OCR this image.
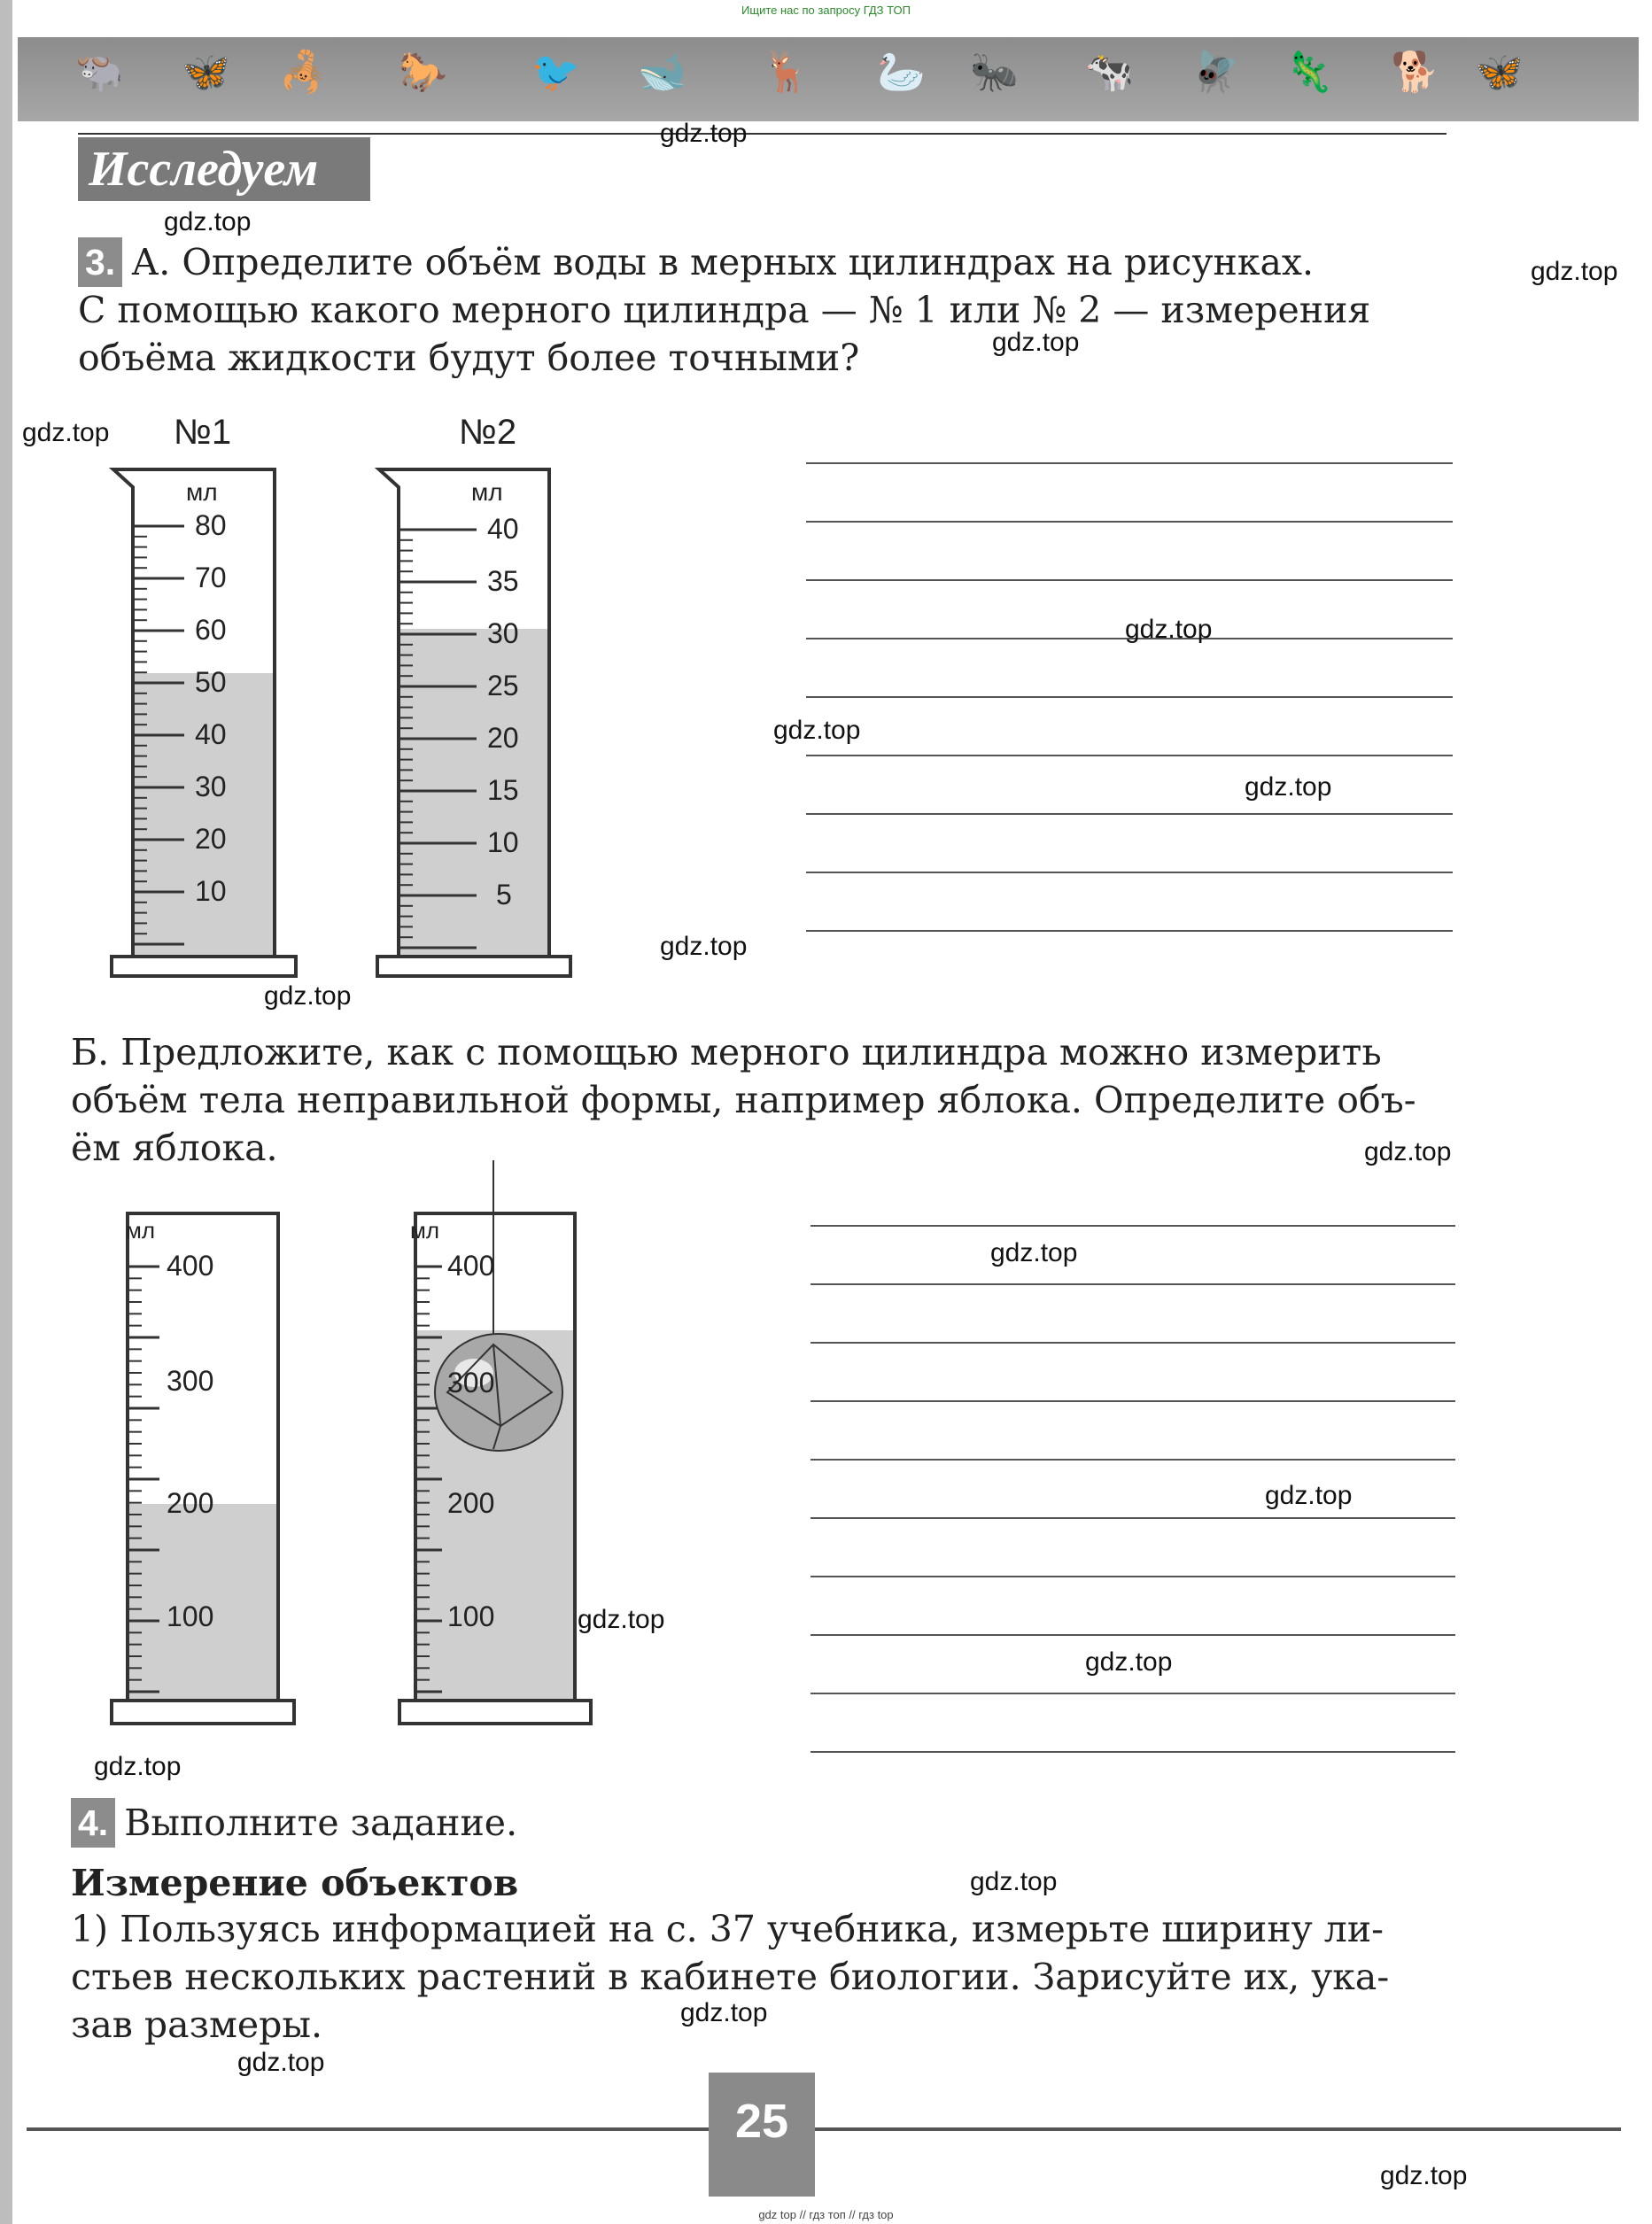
Ищите нас по запросу ГДЗ ТОП
🐃 🦋 🦂 🐎 🐦 🐋 🦌 🦢 🐜 🐄 🪰 🦎 🐕 🦋
Исследуем
3. А. Определите объём воды в мерных цилиндрах на рисунках.
С помощью какого мерного цилиндра — № 1 или № 2 — измерения
объёма жидкости будут более точными?
№1	№2
мл
80
70
60
50
40
30
20
10
мл
40
35
30
25
20
15
10
5
Б. Предложите, как с помощью мерного цилиндра можно измерить
объём тела неправильной формы, например яблока. Определите объ-
ём яблока.
мл
400
300
200
100
мл
400
300
200
100
4. Выполните задание.
Измерение объектов
1) Пользуясь информацией на с. 37 учебника, измерьте ширину ли-
стьев нескольких растений в кабинете биологии. Зарисуйте их, ука-
зав размеры.
25
gdz top // гдз топ // гдз top
gdz.top
gdz.top
gdz.top
gdz.top
gdz.top
gdz.top
gdz.top
gdz.top
gdz.top
gdz.top
gdz.top
gdz.top
gdz.top
gdz.top
gdz.top
gdz.top
gdz.top
gdz.top
gdz.top
gdz.top
